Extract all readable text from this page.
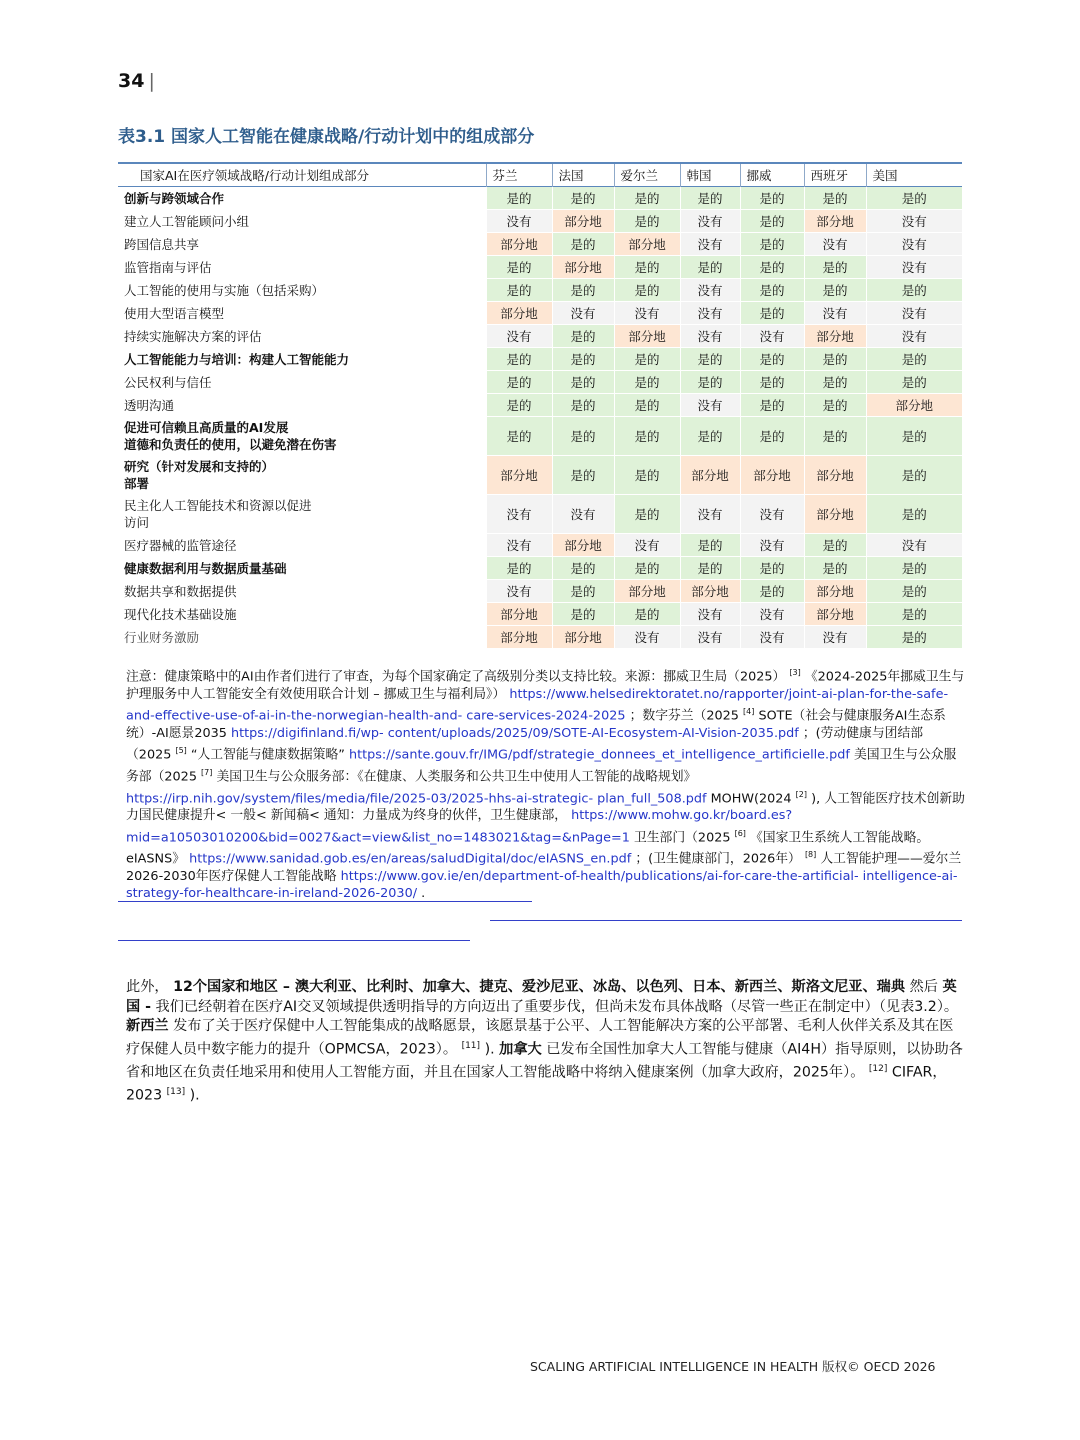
34 |
表3.1 国家人工智能在健康战略/行动计划中的组成部分
国家AI在医疗领域战略/行动计划组成部分	芬兰	法国	爱尔兰	韩国	挪威	西班牙	美国
创新与跨领域合作	是的	是的	是的	是的	是的	是的	是的
建立人工智能顾问小组	没有	部分地	是的	没有	是的	部分地	没有
跨国信息共享	部分地	是的	部分地	没有	是的	没有	没有
监管指南与评估	是的	部分地	是的	是的	是的	是的	没有
人工智能的使用与实施（包括采购）	是的	是的	是的	没有	是的	是的	是的
使用大型语言模型	部分地	没有	没有	没有	是的	没有	没有
持续实施解决方案的评估	没有	是的	部分地	没有	没有	部分地	没有
人工智能能力与培训：构建人工智能能力	是的	是的	是的	是的	是的	是的	是的
公民权利与信任	是的	是的	是的	是的	是的	是的	是的
透明沟通	是的	是的	是的	没有	是的	是的	部分地
促进可信赖且高质量的AI发展
道德和负责任的使用，以避免潜在伤害	是的	是的	是的	是的	是的	是的	是的
研究（针对发展和支持的）
部署	部分地	是的	是的	部分地	部分地	部分地	是的
民主化人工智能技术和资源以促进
访问	没有	没有	是的	没有	没有	部分地	是的
医疗器械的监管途径	没有	部分地	没有	是的	没有	是的	没有
健康数据利用与数据质量基础	是的	是的	是的	是的	是的	是的	是的
数据共享和数据提供	没有	是的	部分地	部分地	是的	部分地	是的
现代化技术基础设施	部分地	是的	是的	没有	没有	部分地	是的
行业财务激励	部分地	部分地	没有	没有	没有	没有	是的
注意：健康策略中的AI由作者们进行了审查，为每个国家确定了高级别分类以支持比较。来源：挪威卫生局（2025） [3] 《2024-2025年挪威卫生与护理服务中人工智能安全有效使用联合计划 – 挪威卫生与福利局》） https://www.helsedirektoratet.no/rapporter/joint-ai-plan-for-the-safe-and-effective-use-of-ai-in-the-norwegian-health-and- care-services-2024-2025 ；数字芬兰（2025 [4] SOTE（社会与健康服务AI生态系统）-AI愿景2035 https://digifinland.fi/wp- content/uploads/2025/09/SOTE-AI-Ecosystem-AI-Vision-2035.pdf ；(劳动健康与团结部（2025 [5] “人工智能与健康数据策略” https://sante.gouv.fr/IMG/pdf/strategie_donnees_et_intelligence_artificielle.pdf 美国卫生与公众服务部（2025 [7] 美国卫生与公众服务部：《在健康、人类服务和公共卫生中使用人工智能的战略规划》 https://irp.nih.gov/system/files/media/file/2025-03/2025-hhs-ai-strategic- plan_full_508.pdf MOHW(2024 [2] ), 人工智能医疗技术创新助力国民健康提升< 一般< 新闻稿< 通知：力量成为终身的伙伴，卫生健康部， https://www.mohw.go.kr/board.es?mid=a10503010200&bid=0027&act=view&list_no=1483021&tag=&nPage=1 卫生部门（2025 [6] 《国家卫生系统人工智能战略。eIASNS》 https://www.sanidad.gob.es/en/areas/saludDigital/doc/eIASNS_en.pdf ；(卫生健康部门，2026年） [8] 人工智能护理——爱尔兰2026-2030年医疗保健人工智能战略 https://www.gov.ie/en/department-of-health/publications/ai-for-care-the-artificial- intelligence-ai-strategy-for-healthcare-in-ireland-2026-2030/ .
此外， 12个国家和地区 – 澳大利亚、比利时、加拿大、捷克、爱沙尼亚、冰岛、以色列、日本、新西兰、斯洛文尼亚、瑞典 然后 英国 - 我们已经朝着在医疗AI交叉领域提供透明指导的方向迈出了重要步伐，但尚未发布具体战略（尽管一些正在制定中）（见表3.2）。 新西兰 发布了关于医疗保健中人工智能集成的战略愿景，该愿景基于公平、人工智能解决方案的公平部署、毛利人伙伴关系及其在医疗保健人员中数字能力的提升（OPMCSA，2023）。 [11] ). 加拿大 已发布全国性加拿大人工智能与健康（AI4H）指导原则，以协助各省和地区在负责任地采用和使用人工智能方面，并且在国家人工智能战略中将纳入健康案例（加拿大政府，2025年）。 [12] CIFAR，2023 [13] ).
SCALING ARTIFICIAL INTELLIGENCE IN HEALTH 版权© OECD 2026
